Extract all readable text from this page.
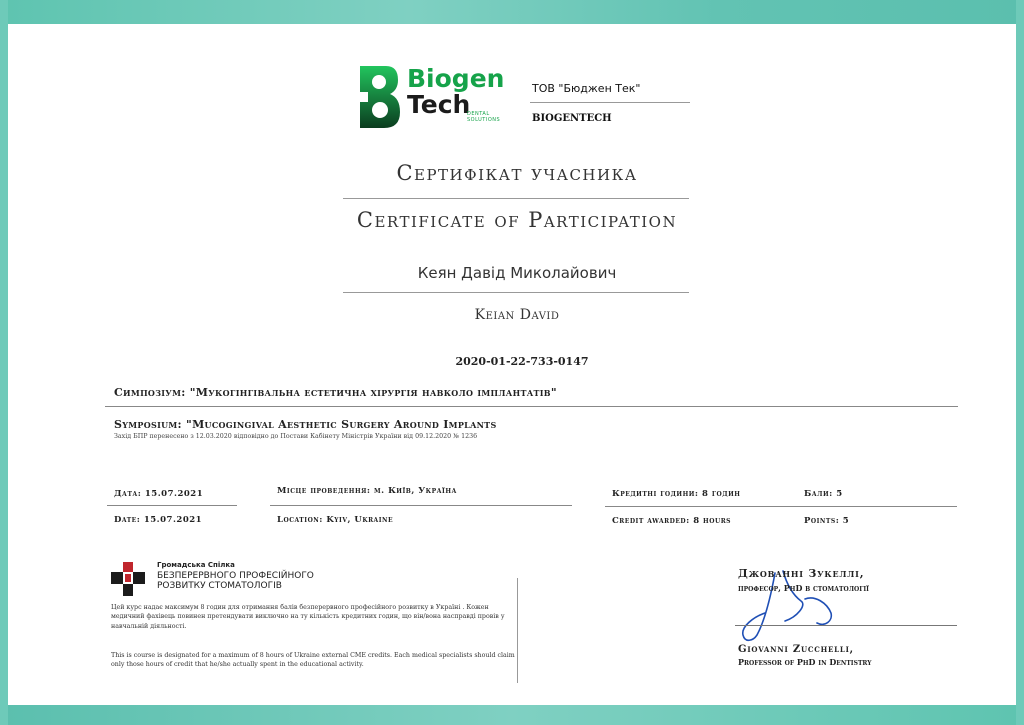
Biogen
Tech
DENTAL
SOLUTIONS
ТОВ "Бюджен Тек"
BIOGENTECH
Сертифікат учасника
Certificate of Participation
Кеян Давід Миколайович
Keian David
2020-01-22-733-0147
Симпозіум: "Мукогінгівальна естетична хірургія навколо імплантатів"
Symposium: "Mucogingival Aesthetic Surgery Around Implants
Захід БПР перенесено з 12.03.2020 відповідно до Постави Кабінету Міністрів України від 09.12.2020 № 1236
Дата: 15.07.2021
Date: 15.07.2021
Місце проведення: м. Київ, Україна
Location: Kyiv, Ukraine
Кредитні години: 8 годин
Credit awarded: 8 hours
Бали: 5
Points: 5
Громадська Спілка
БЕЗПЕРЕРВНОГО ПРОФЕСІЙНОГО
РОЗВИТКУ СТОМАТОЛОГІВ
Цей курс надає максимум 8 годин для отримання балів безперервного професійного розвитку в Україні . Кожен медичний фахівець повинен претендувати виключно на ту кількість кредитних годин, що він/вона насправді провів у навчальній діяльності.
This is course is designated for a maximum of 8 hours of Ukraine external CME credits. Each medical specialists should claim only those hours of credit that he/she actually spent in the educational activity.
Джованні Зукеллі,
професор, PhD в стоматології
Giovanni Zucchelli,
Professor of PhD in Dentistry
